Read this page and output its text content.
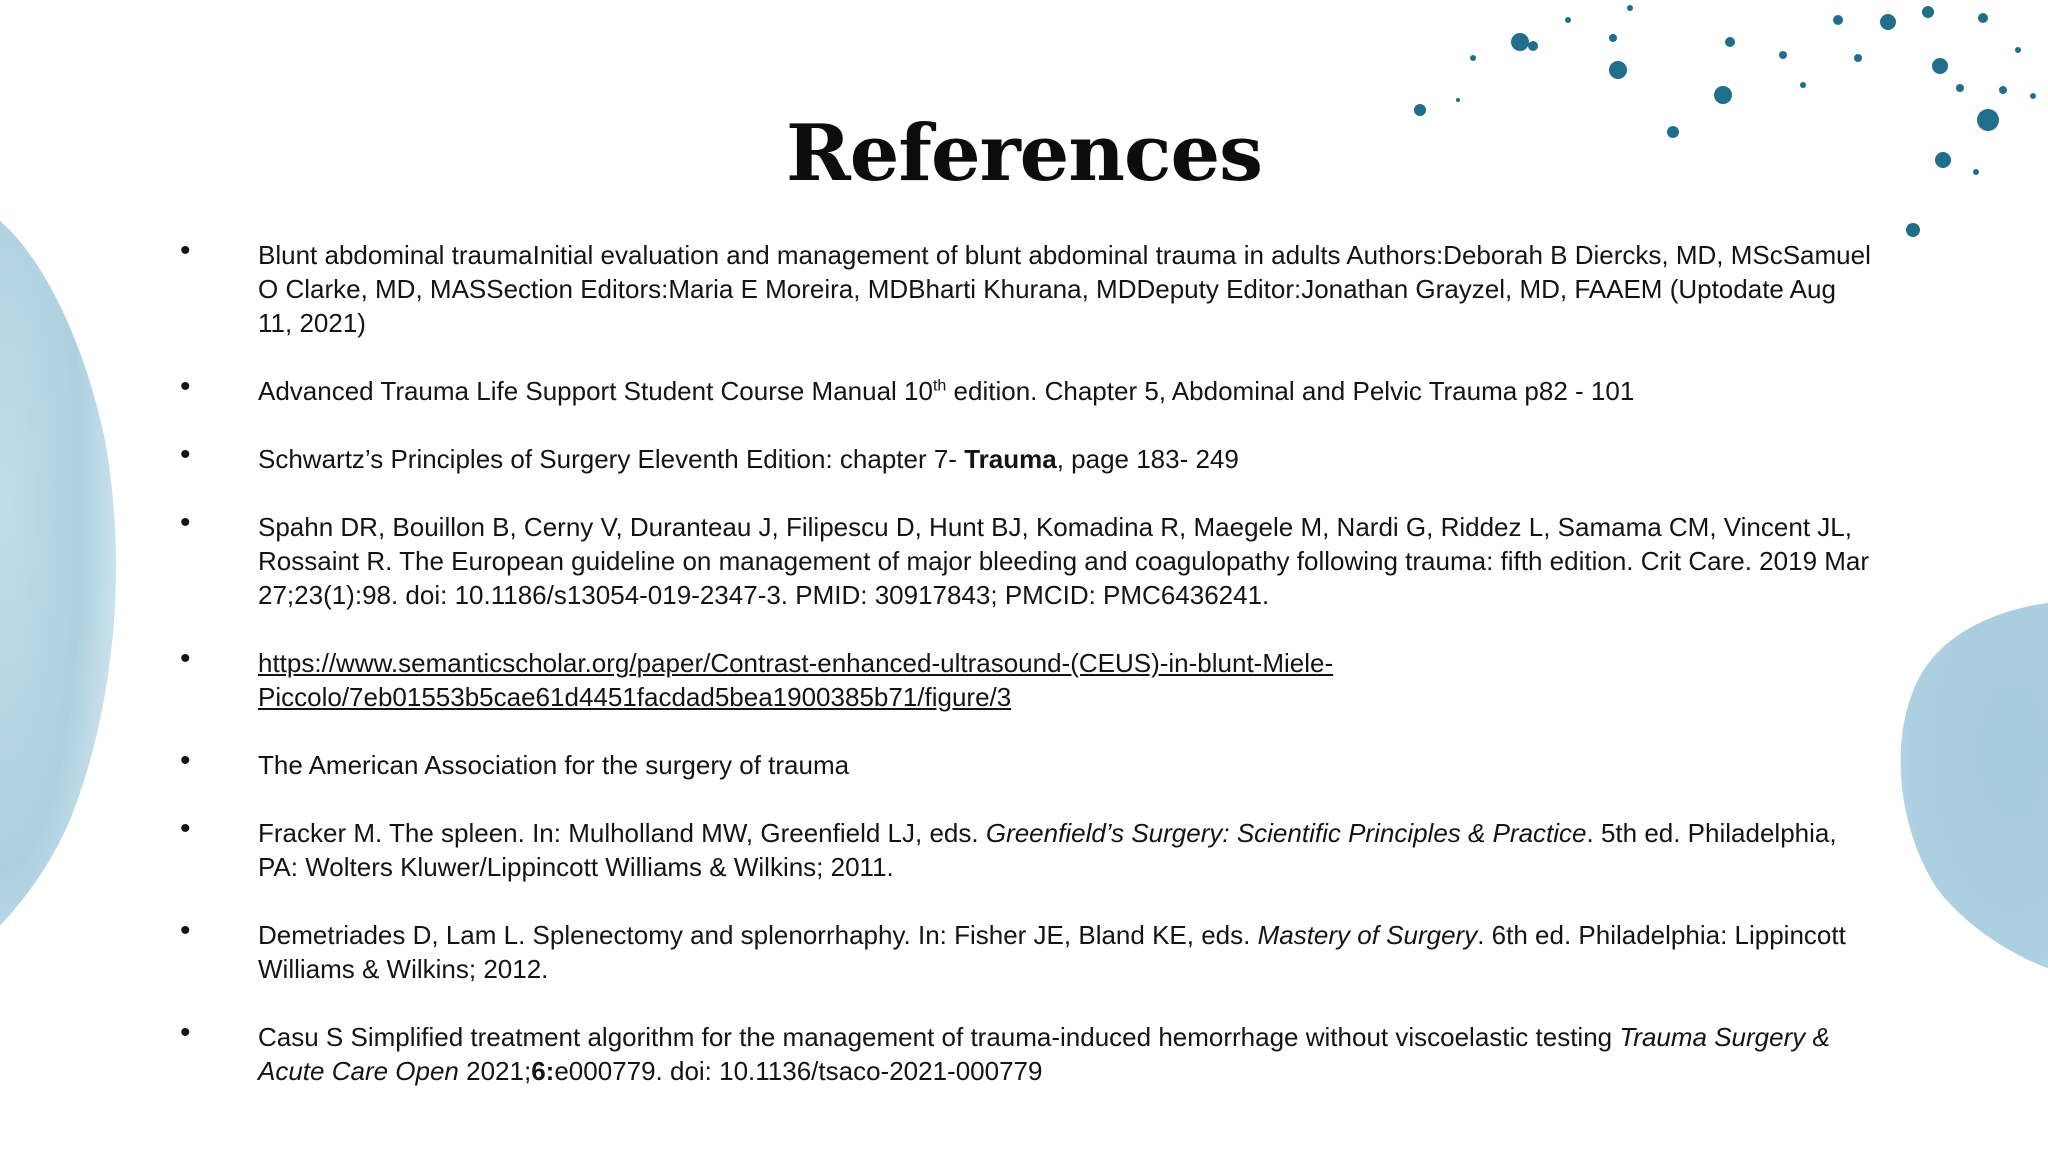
References
•	Blunt abdominal traumaInitial evaluation and management of blunt abdominal trauma in adults Authors:Deborah B Diercks, MD, MScSamuel O Clarke, MD, MASSection Editors:Maria E Moreira, MDBharti Khurana, MDDeputy Editor:Jonathan Grayzel, MD, FAAEM (Uptodate Aug 11, 2021)
•	Advanced Trauma Life Support Student Course Manual 10th edition. Chapter 5, Abdominal and Pelvic Trauma p82 - 101
•	Schwartz’s Principles of Surgery Eleventh Edition: chapter 7- Trauma, page 183- 249
•	Spahn DR, Bouillon B, Cerny V, Duranteau J, Filipescu D, Hunt BJ, Komadina R, Maegele M, Nardi G, Riddez L, Samama CM, Vincent JL, Rossaint R. The European guideline on management of major bleeding and coagulopathy following trauma: fifth edition. Crit Care. 2019 Mar 27;23(1):98. doi: 10.1186/s13054-019-2347-3. PMID: 30917843; PMCID: PMC6436241.
•	https://www.semanticscholar.org/paper/Contrast-enhanced-ultrasound-(CEUS)-in-blunt-Miele-Piccolo/7eb01553b5cae61d4451facdad5bea1900385b71/figure/3
•	The American Association for the surgery of trauma
•	Fracker M. The spleen. In: Mulholland MW, Greenfield LJ, eds. Greenfield’s Surgery: Scientific Principles & Practice. 5th ed. Philadelphia, PA: Wolters Kluwer/Lippincott Williams & Wilkins; 2011.
•	Demetriades D, Lam L. Splenectomy and splenorrhaphy. In: Fisher JE, Bland KE, eds. Mastery of Surgery. 6th ed. Philadelphia: Lippincott Williams & Wilkins; 2012.
•	Casu S Simplified treatment algorithm for the management of trauma-induced hemorrhage without viscoelastic testing Trauma Surgery & Acute Care Open 2021;6:e000779. doi: 10.1136/tsaco-2021-000779
